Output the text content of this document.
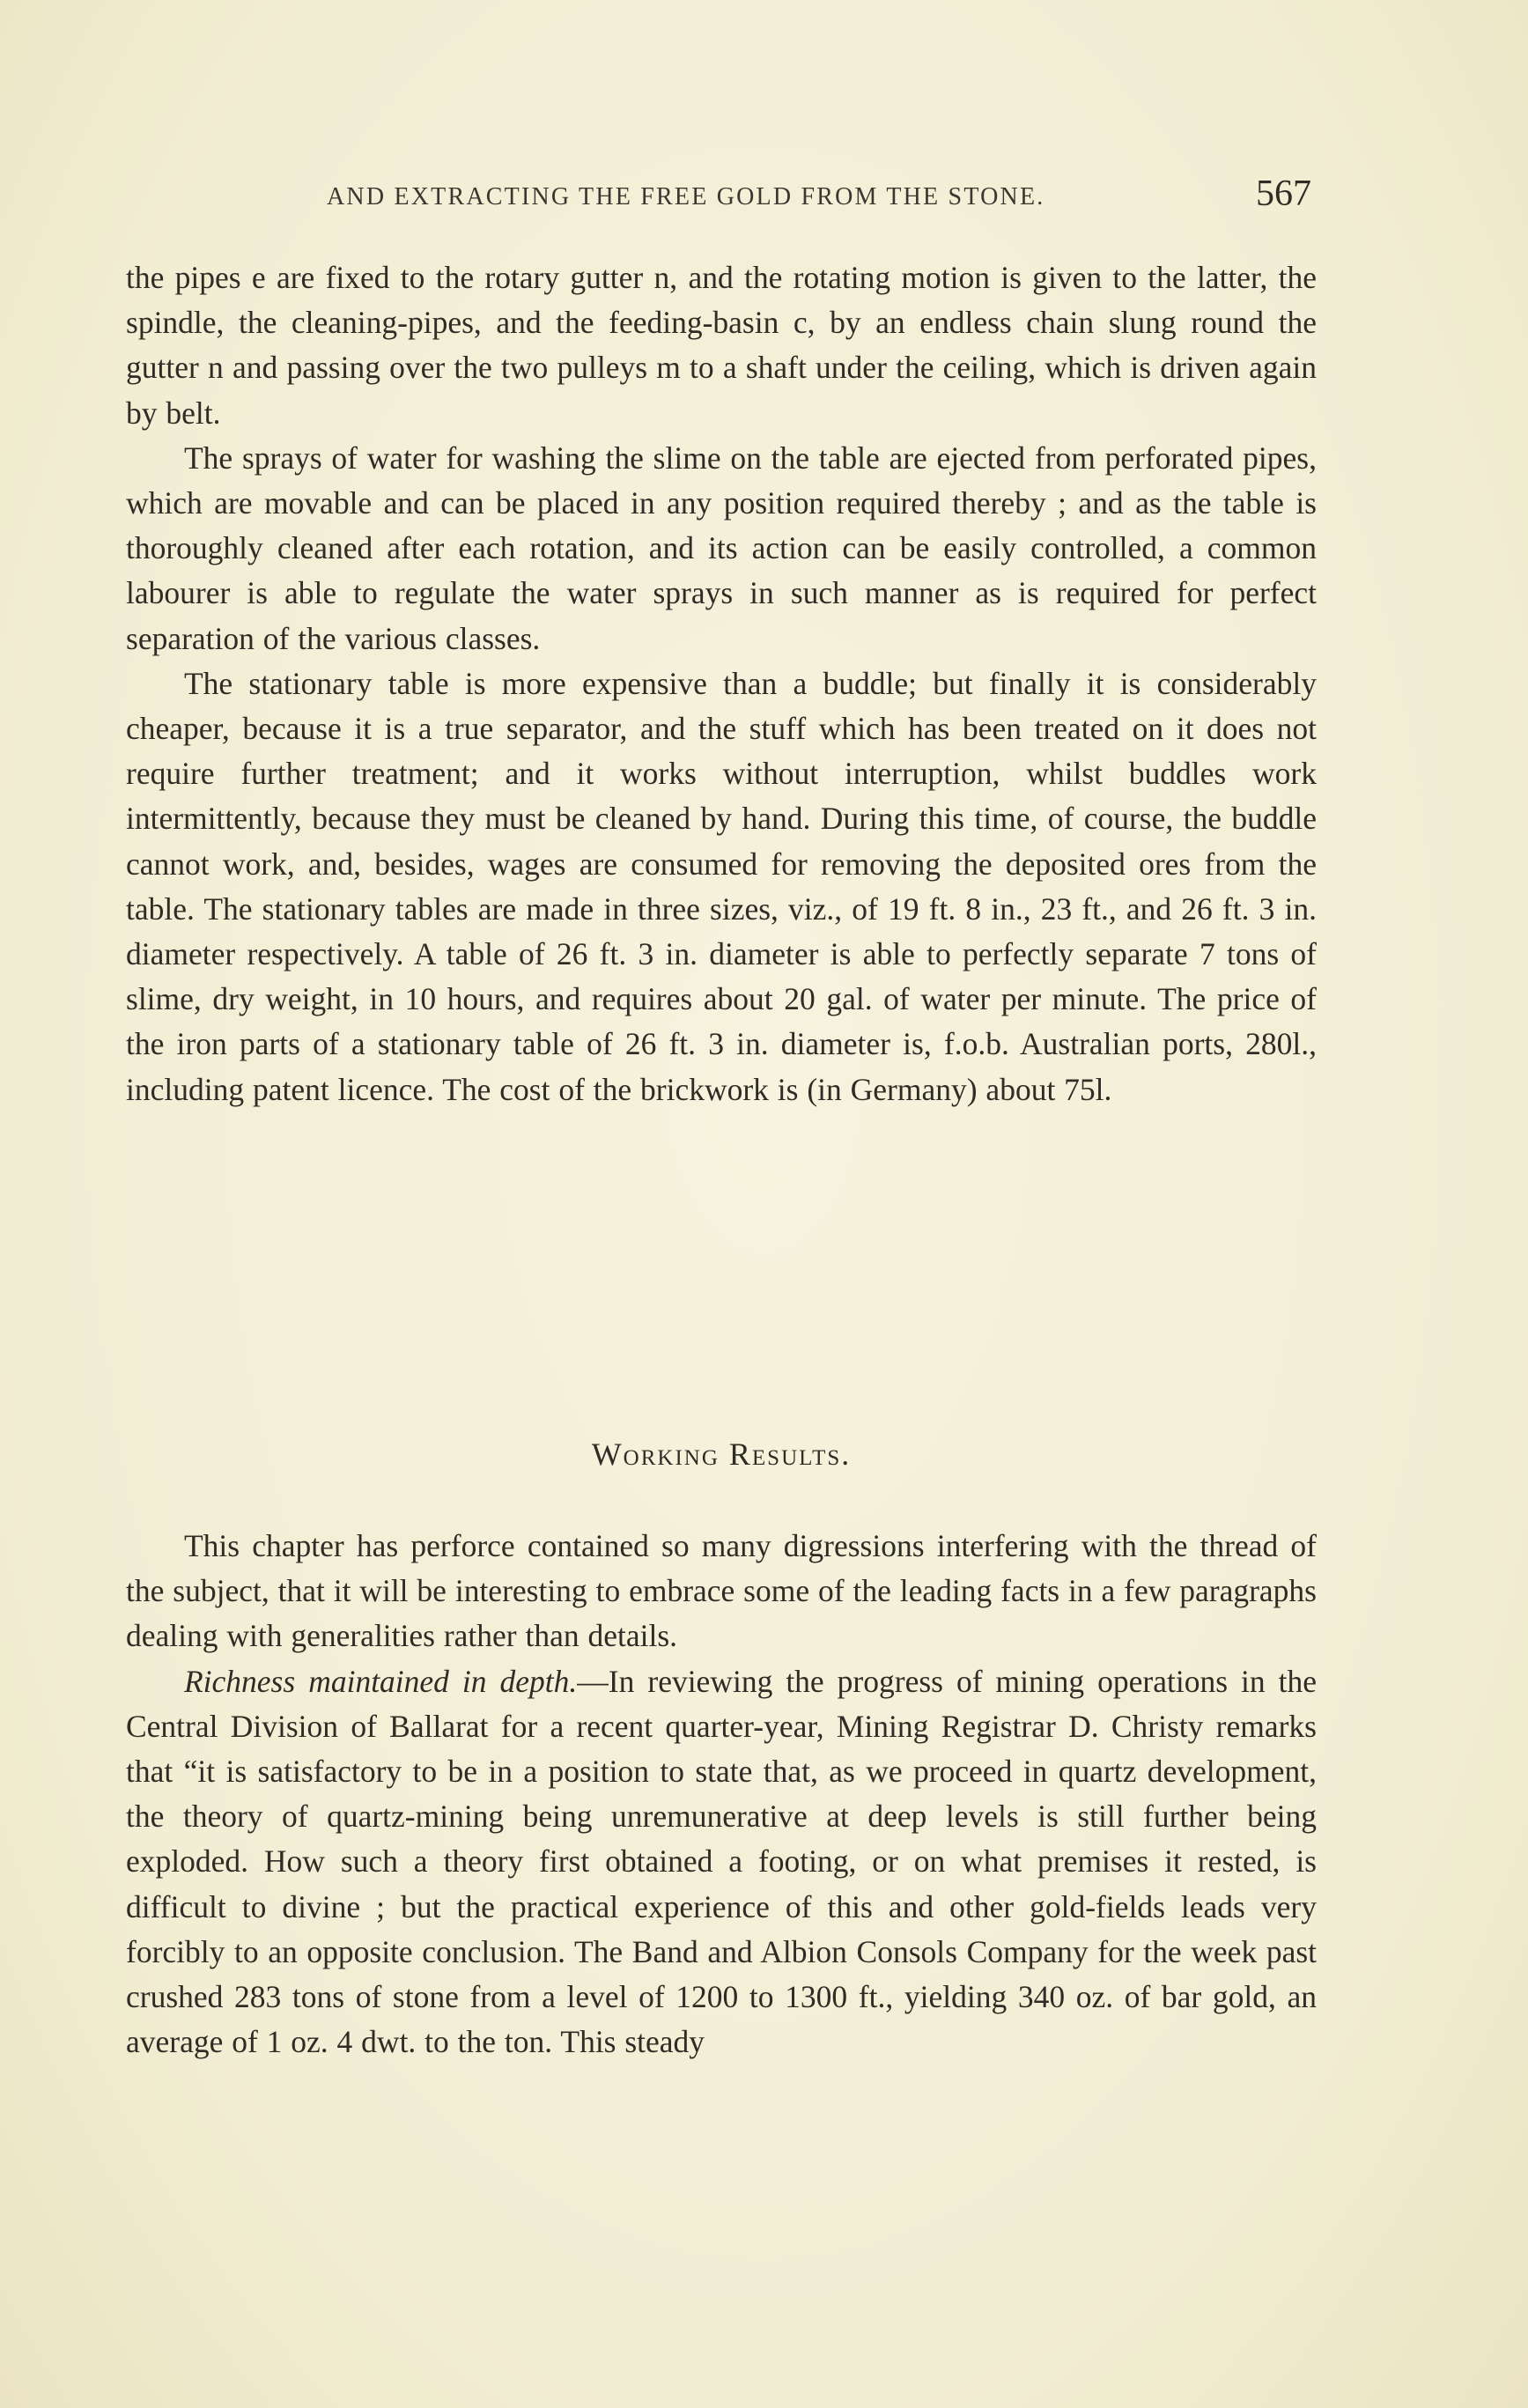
AND EXTRACTING THE FREE GOLD FROM THE STONE.	567

the pipes e are fixed to the rotary gutter n, and the rotating motion is given to the latter, the spindle, the cleaning-pipes, and the feeding-basin c, by an endless chain slung round the gutter n and passing over the two pulleys m to a shaft under the ceiling, which is driven again by belt.

The sprays of water for washing the slime on the table are ejected from perforated pipes, which are movable and can be placed in any position required thereby ; and as the table is thoroughly cleaned after each rotation, and its action can be easily controlled, a common labourer is able to regulate the water sprays in such manner as is required for perfect separation of the various classes.

The stationary table is more expensive than a buddle; but finally it is considerably cheaper, because it is a true separator, and the stuff which has been treated on it does not require further treatment; and it works without interruption, whilst buddles work intermittently, because they must be cleaned by hand. During this time, of course, the buddle cannot work, and, besides, wages are consumed for removing the deposited ores from the table. The stationary tables are made in three sizes, viz., of 19 ft. 8 in., 23 ft., and 26 ft. 3 in. diameter respectively. A table of 26 ft. 3 in. diameter is able to perfectly separate 7 tons of slime, dry weight, in 10 hours, and requires about 20 gal. of water per minute. The price of the iron parts of a stationary table of 26 ft. 3 in. diameter is, f.o.b. Australian ports, 280l., including patent licence. The cost of the brickwork is (in Germany) about 75l.

Working Results.

This chapter has perforce contained so many digressions interfering with the thread of the subject, that it will be interesting to embrace some of the leading facts in a few paragraphs dealing with generalities rather than details.

Richness maintained in depth.—In reviewing the progress of mining operations in the Central Division of Ballarat for a recent quarter-year, Mining Registrar D. Christy remarks that “it is satisfactory to be in a position to state that, as we proceed in quartz development, the theory of quartz-mining being unremunerative at deep levels is still further being exploded. How such a theory first obtained a footing, or on what premises it rested, is difficult to divine ; but the practical experience of this and other gold-fields leads very forcibly to an opposite conclusion. The Band and Albion Consols Company for the week past crushed 283 tons of stone from a level of 1200 to 1300 ft., yielding 340 oz. of bar gold, an average of 1 oz. 4 dwt. to the ton. This steady
